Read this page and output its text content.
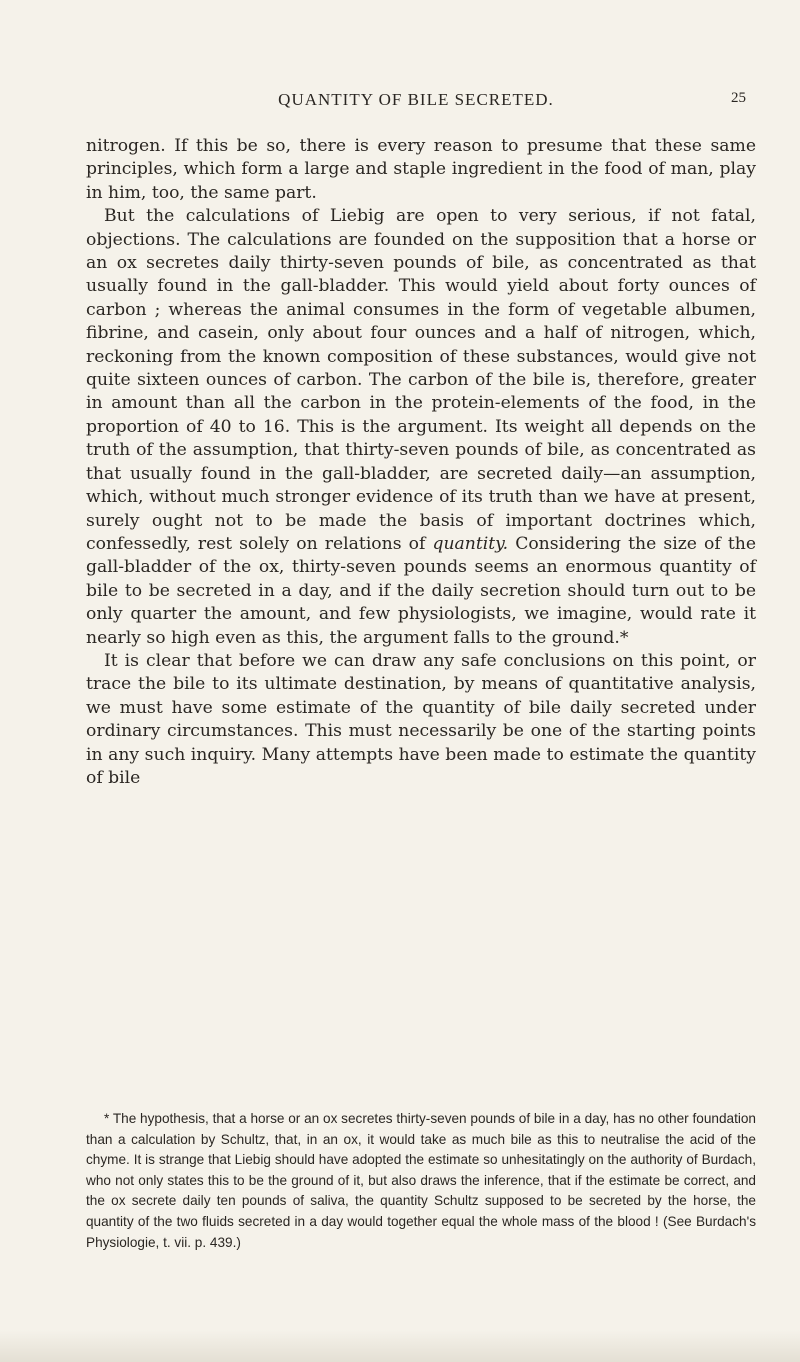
QUANTITY OF BILE SECRETED.	25

nitrogen. If this be so, there is every reason to presume that these same principles, which form a large and staple ingredient in the food of man, play in him, too, the same part.

But the calculations of Liebig are open to very serious, if not fatal, objections. The calculations are founded on the supposition that a horse or an ox secretes daily thirty-seven pounds of bile, as concentrated as that usually found in the gall-bladder. This would yield about forty ounces of carbon ; whereas the animal consumes in the form of vegetable albumen, fibrine, and casein, only about four ounces and a half of nitrogen, which, reckoning from the known composition of these substances, would give not quite sixteen ounces of carbon. The carbon of the bile is, therefore, greater in amount than all the carbon in the protein-elements of the food, in the proportion of 40 to 16. This is the argument. Its weight all depends on the truth of the assumption, that thirty-seven pounds of bile, as concentrated as that usually found in the gall-bladder, are secreted daily—an assumption, which, without much stronger evidence of its truth than we have at present, surely ought not to be made the basis of important doctrines which, confessedly, rest solely on relations of quantity. Considering the size of the gall-bladder of the ox, thirty-seven pounds seems an enormous quantity of bile to be secreted in a day, and if the daily secretion should turn out to be only quarter the amount, and few physiologists, we imagine, would rate it nearly so high even as this, the argument falls to the ground.*

It is clear that before we can draw any safe conclusions on this point, or trace the bile to its ultimate destination, by means of quantitative analysis, we must have some estimate of the quantity of bile daily secreted under ordinary circumstances. This must necessarily be one of the starting points in any such inquiry. Many attempts have been made to estimate the quantity of bile

* The hypothesis, that a horse or an ox secretes thirty-seven pounds of bile in a day, has no other foundation than a calculation by Schultz, that, in an ox, it would take as much bile as this to neutralise the acid of the chyme. It is strange that Liebig should have adopted the estimate so unhesitatingly on the authority of Burdach, who not only states this to be the ground of it, but also draws the inference, that if the estimate be correct, and the ox secrete daily ten pounds of saliva, the quantity Schultz supposed to be secreted by the horse, the quantity of the two fluids secreted in a day would together equal the whole mass of the blood ! (See Burdach's Physiologie, t. vii. p. 439.)
